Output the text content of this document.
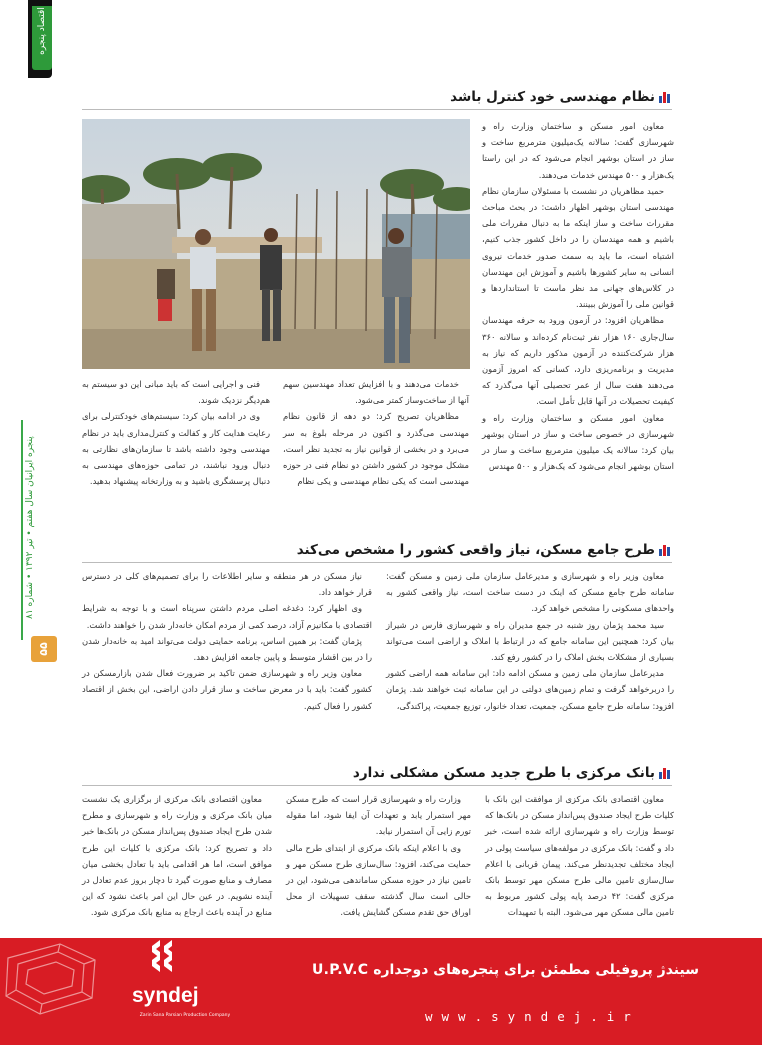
اقتصاد پنجره
پنجره ایرانیان سال هفتم • تیر ۱۳۹۲ • شماره ۸۱
۵۵
نظام مهندسی خود کنترل باشد

معاون امور مسکن و ساختمان وزارت راه و شهرسازی گفت: سالانه یک‌میلیون مترمربع ساخت و ساز در استان بوشهر انجام می‌شود که در این راستا یک‌هزار و ۵۰۰ مهندس خدمات می‌دهند.

حمید مظاهریان در نشست با مسئولان سازمان نظام مهندسی استان بوشهر اظهار داشت: در بحث مباحث مقررات ساخت و ساز اینکه ما به دنبال مقررات ملی باشیم و همه مهندسان را در داخل کشور جذب کنیم، اشتباه است، ما باید به سمت صدور خدمات نیروی انسانی به سایر کشورها باشیم و آموزش این مهندسان در کلاس‌های جهانی مد نظر ماست تا استانداردها و قوانین ملی را آموزش ببینند.

مظاهریان افزود: در آزمون ورود به حرفه مهندسان سال‌جاری ۱۶۰ هزار نفر ثبت‌نام کرده‌اند و سالانه ۳۶۰ هزار شرکت‌کننده در آزمون مذکور داریم که نیاز به مدیریت و برنامه‌ریزی دارد، کسانی که امروز آزمون می‌دهند هفت سال از عمر تحصیلی آنها می‌گذرد که کیفیت تحصیلات در آنها قابل تأمل است.

معاون امور مسکن و ساختمان وزارت راه و شهرسازی در خصوص ساخت و ساز در استان بوشهر بیان کرد: سالانه یک میلیون مترمربع ساخت و ساز در استان بوشهر انجام می‌شود که یک‌هزار و ۵۰۰ مهندس

خدمات می‌دهند و با افزایش تعداد مهندسین سهم آنها از ساخت‌وساز کمتر می‌شود.

مظاهریان تصریح کرد: دو دهه از قانون نظام مهندسی می‌گذرد و اکنون در مرحله بلوغ به سر می‌برد و در بخشی از قوانین نیاز به تجدید نظر است، مشکل موجود در کشور داشتن دو نظام فنی در حوزه مهندسی است که یکی نظام مهندسی و یکی نظام

فنی و اجرایی است که باید مبانی این دو سیستم به هم‌دیگر نزدیک شوند.

وی در ادامه بیان کرد: سیستم‌های خودکنترلی برای رعایت هدایت کار و کفالت و کنترل‌مداری باید در نظام مهندسی وجود داشته باشد تا سازمان‌های نظارتی به دنبال ورود نباشند، در تمامی حوزه‌های مهندسی به دنبال پرسشگری باشید و به وزارتخانه پیشنهاد بدهید.

طرح جامع مسکن، نیاز واقعی کشور را مشخص می‌کند

معاون وزیر راه و شهرسازی و مدیرعامل سازمان ملی زمین و مسکن گفت: سامانه طرح جامع مسکن که اینک در دست ساخت است، نیاز واقعی کشور به واحدهای مسکونی را مشخص خواهد کرد.

سید محمد پژمان روز شنبه در جمع مدیران راه و شهرسازی فارس در شیراز بیان کرد: همچنین این سامانه جامع که در ارتباط با املاک و اراضی است می‌تواند بسیاری از مشکلات بخش املاک را در کشور رفع کند.

مدیرعامل سازمان ملی زمین و مسکن ادامه داد: این سامانه همه اراضی کشور را دربرخواهد گرفت و تمام زمین‌های دولتی در این سامانه ثبت خواهند شد. پژمان افزود: سامانه طرح جامع مسکن، جمعیت، تعداد خانوار، توزیع جمعیت، پراکندگی،

نیاز مسکن در هر منطقه و سایر اطلاعات را برای تصمیم‌های کلی در دسترس قرار خواهد داد.

وی اظهار کرد: دغدغه اصلی مردم داشتن سرپناه است و با توجه به شرایط اقتصادی با مکانیزم آزاد، درصد کمی از مردم امکان خانه‌دار شدن را خواهند داشت.

پژمان گفت: بر همین اساس، برنامه حمایتی دولت می‌تواند امید به خانه‌دار شدن را در بین اقشار متوسط و پایین جامعه افزایش دهد.

معاون وزیر راه و شهرسازی ضمن تاکید بر ضرورت فعال شدن بازارمسکن در کشور گفت: باید با در معرض ساخت و ساز قرار دادن اراضی، این بخش از اقتصاد کشور را فعال کنیم.

بانک مرکزی با طرح جدید مسکن مشکلی ندارد

معاون اقتصادی بانک مرکزی از موافقت این بانک با کلیات طرح ایجاد صندوق پس‌انداز مسکن در بانک‌ها که توسط وزارت راه و شهرسازی ارائه شده است، خبر داد و گفت: بانک مرکزی در مولفه‌های سیاست پولی در ایجاد مختلف تجدیدنظر می‌کند. پیمان قربانی با اعلام سال‌سازی تامین مالی طرح مسکن مهر توسط بانک مرکزی گفت: ۴۲ درصد پایه پولی کشور مربوط به تامین مالی مسکن مهر می‌شود. البته با تمهیدات

وزارت راه و شهرسازی قرار است که طرح مسکن مهر استمرار یابد و تعهدات آن ایفا شود، اما مقوله تورم زایی آن استمرار نیابد.

وی با اعلام اینکه بانک مرکزی از ابتدای طرح مالی حمایت می‌کند، افزود: سال‌سازی طرح مسکن مهر و تامین نیاز در حوزه مسکن ساماندهی می‌شود، این در حالی است سال گذشته سقف تسهیلات از محل اوراق حق تقدم مسکن گشایش یافت.

معاون اقتصادی بانک مرکزی از برگزاری یک نشست میان بانک مرکزی و وزارت راه و شهرسازی و مطرح شدن طرح ایجاد صندوق پس‌انداز مسکن در بانک‌ها خبر داد و تصریح کرد: بانک مرکزی با کلیات این طرح موافق است، اما هر اقدامی باید با تعادل بخشی میان مصارف و منابع صورت گیرد تا دچار بروز عدم تعادل در آینده نشویم. در عین حال این امر باعث نشود که این منابع در آینده باعث ارجاع به منابع بانک مرکزی شود.

سیندژ پروفیلی مطمئن برای پنجره‌های دوجداره U.P.V.C
www.syndej.ir
syndej
Zarin Sana Parsian Production Company
